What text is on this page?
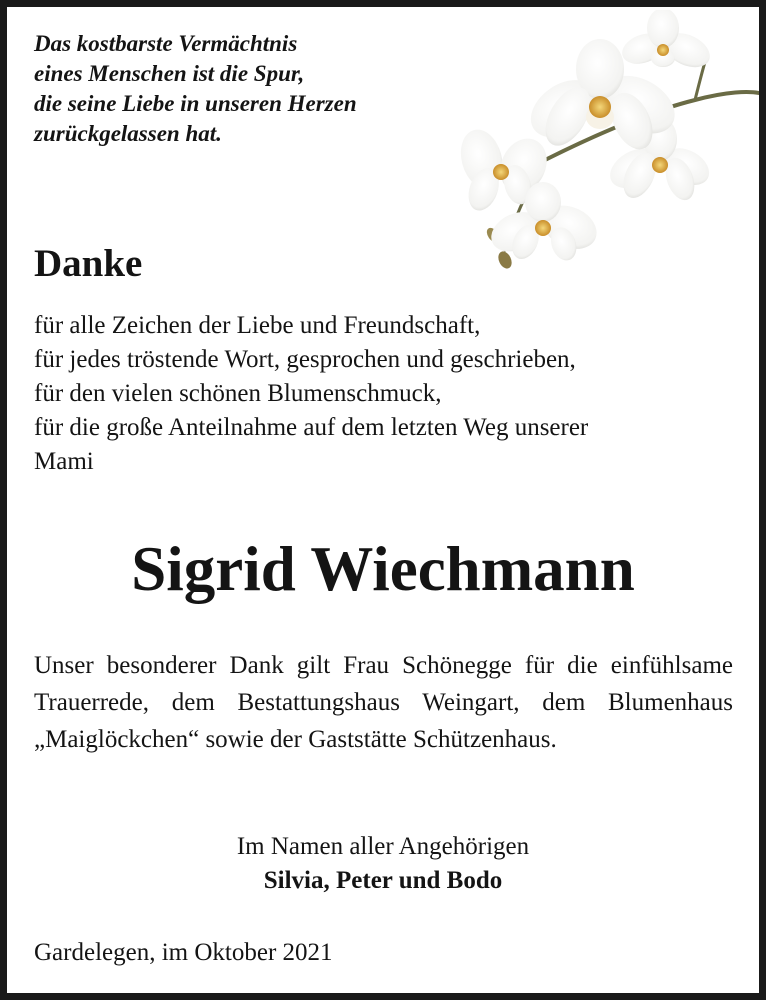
Das kostbarste Vermächtnis
eines Menschen ist die Spur,
die seine Liebe in unseren Herzen
zurückgelassen hat.

Danke

für alle Zeichen der Liebe und Freundschaft,
für jedes tröstende Wort, gesprochen und geschrieben,
für den vielen schönen Blumenschmuck,
für die große Anteilnahme auf dem letzten Weg unserer
Mami

Sigrid Wiechmann

Unser besonderer Dank gilt Frau Schönegge für die einfühlsame Trauerrede, dem Bestattungshaus Weingart, dem Blumenhaus „Maiglöckchen“ sowie der Gaststätte Schützenhaus.

Im Namen aller Angehörigen
Silvia, Peter und Bodo

Gardelegen, im Oktober 2021
